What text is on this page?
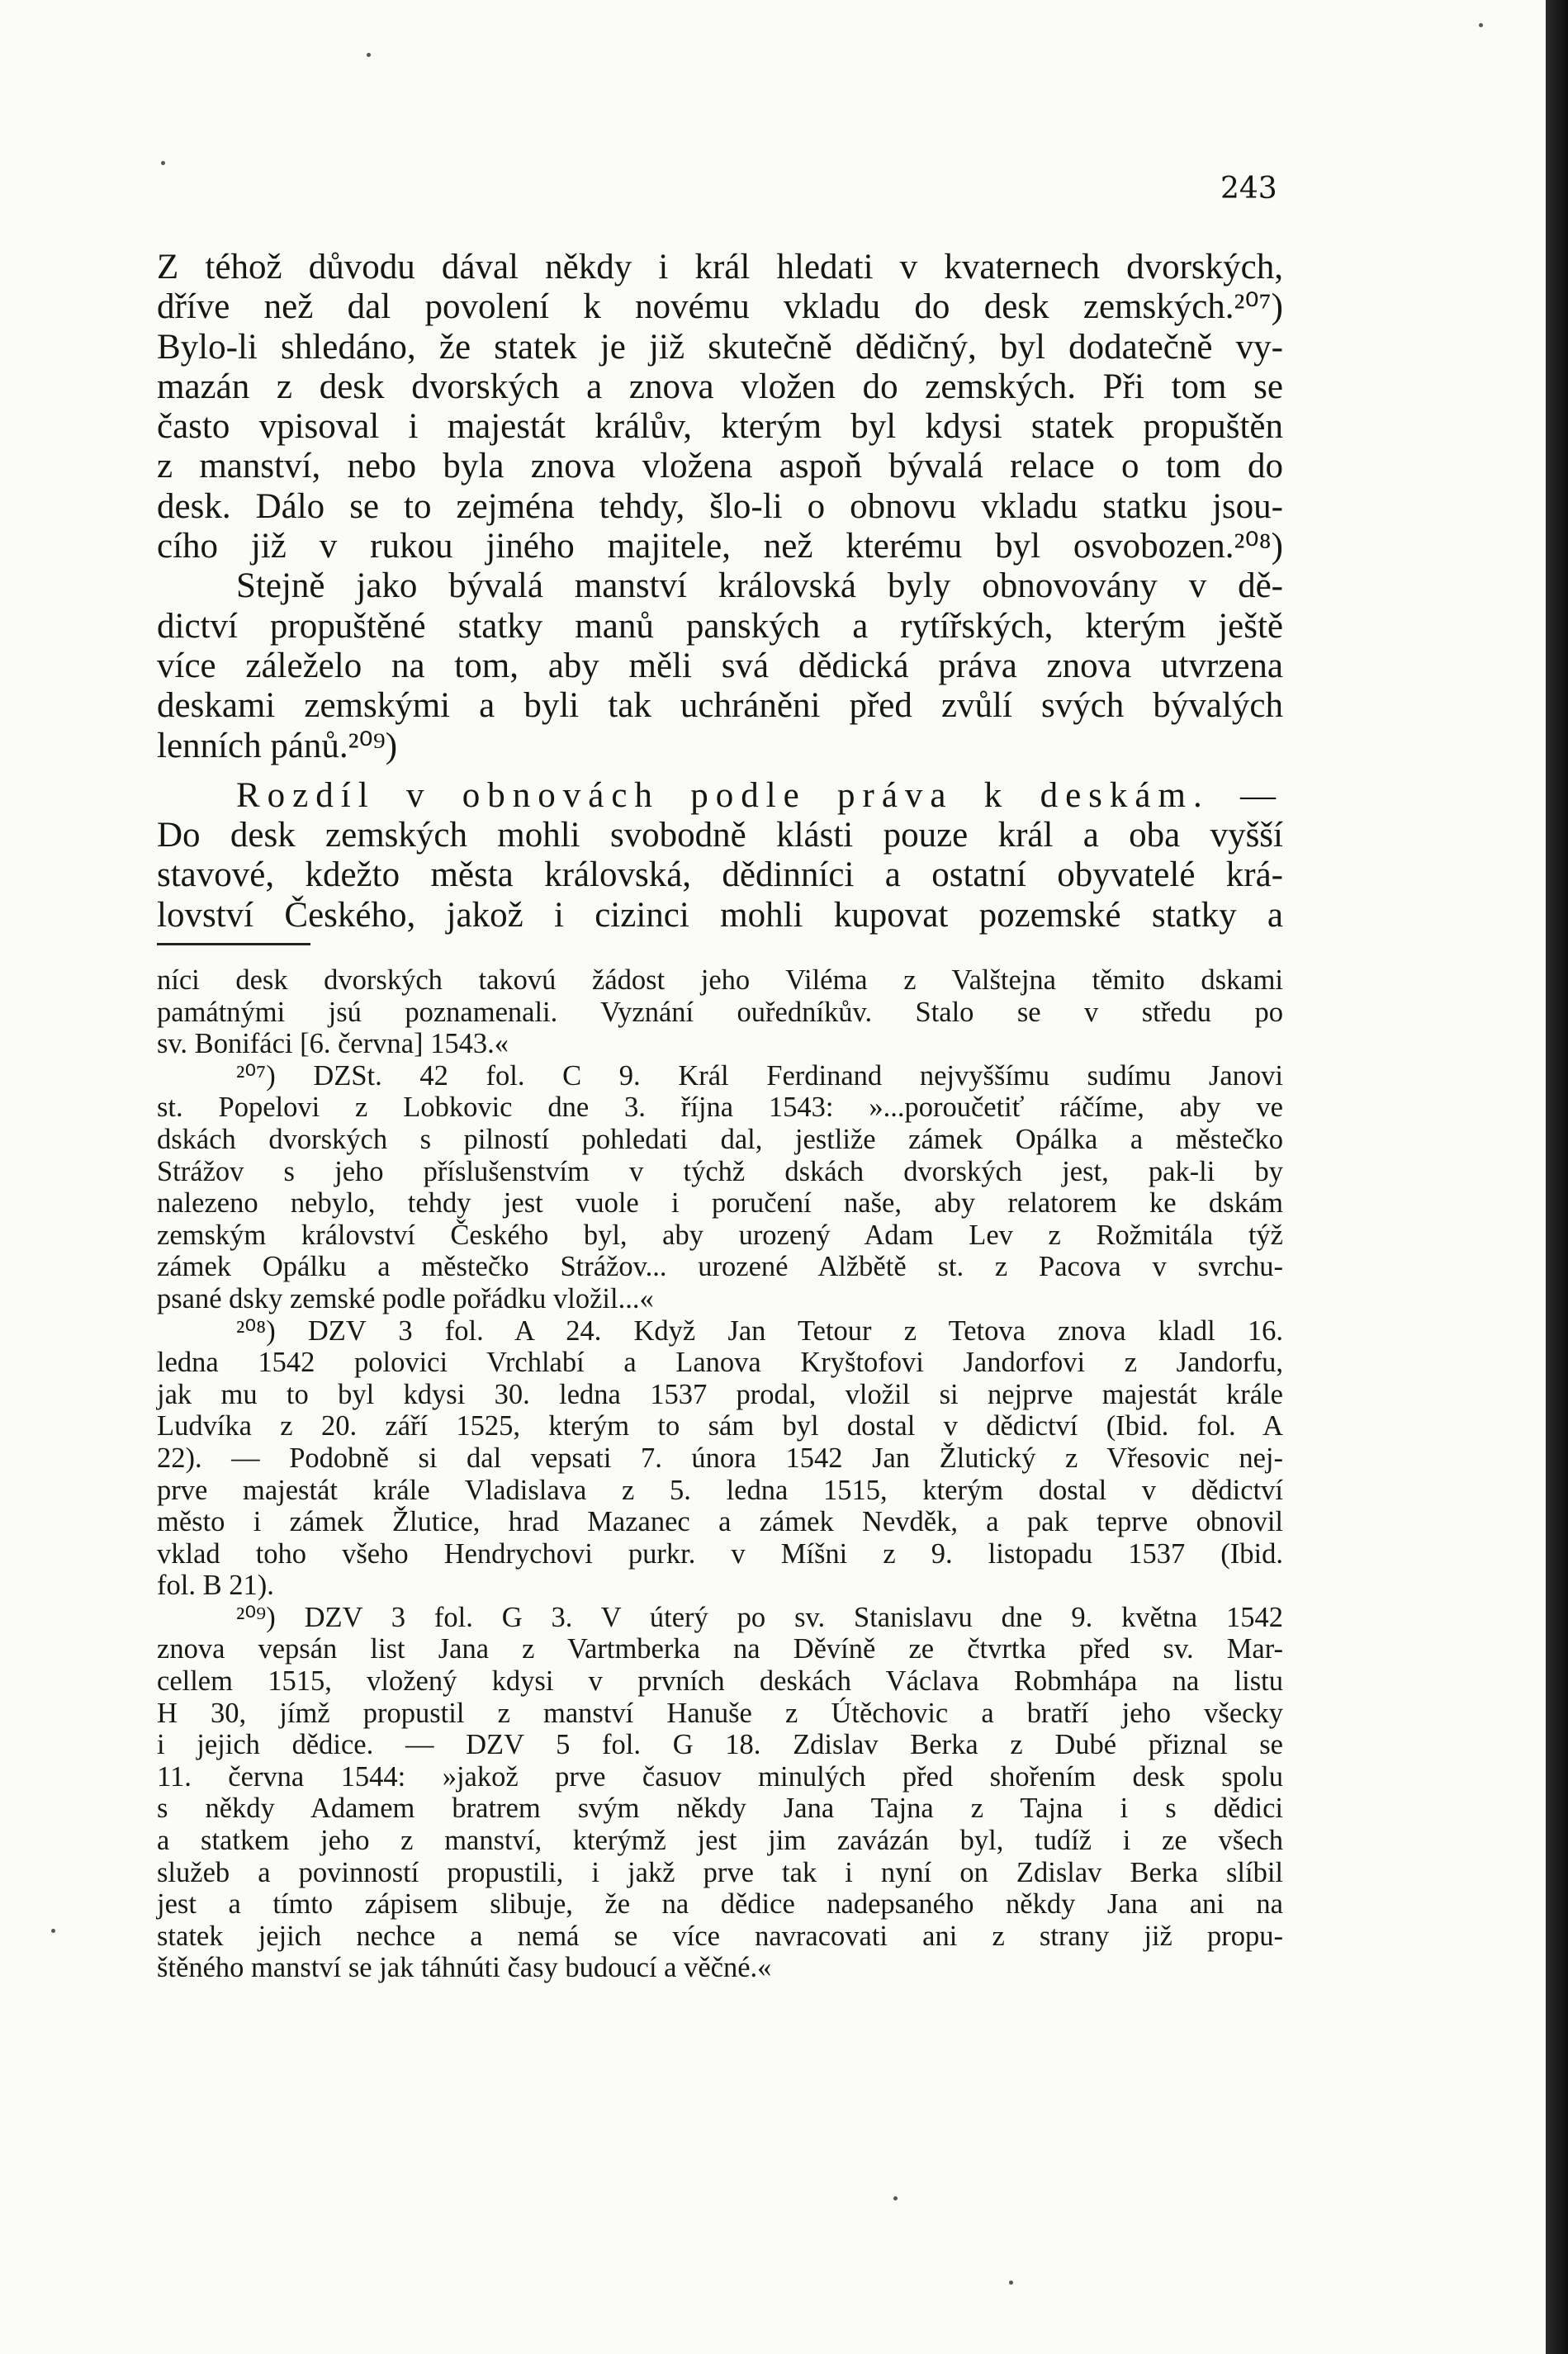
243

Z téhož důvodu dával někdy i král hledati v kvaternech dvorských,

dříve než dal povolení k novému vkladu do desk zemských.²⁰⁷)

Bylo-li shledáno, že statek je již skutečně dědičný, byl dodatečně vy-

mazán z desk dvorských a znova vložen do zemských. Při tom se

často vpisoval i majestát králův, kterým byl kdysi statek propuštěn

z manství, nebo byla znova vložena aspoň bývalá relace o tom do

desk. Dálo se to zejména tehdy, šlo-li o obnovu vkladu statku jsou-

cího již v rukou jiného majitele, než kterému byl osvobozen.²⁰⁸)

Stejně jako bývalá manství královská byly obnovovány v dě-

dictví propuštěné statky manů panských a rytířských, kterým ještě

více záleželo na tom, aby měli svá dědická práva znova utvrzena

deskami zemskými a byli tak uchráněni před zvůlí svých bývalých

lenních pánů.²⁰⁹)

Rozdíl v obnovách podle práva k deskám. —

Do desk zemských mohli svobodně klásti pouze král a oba vyšší

stavové, kdežto města královská, dědinníci a ostatní obyvatelé krá-

lovství Českého, jakož i cizinci mohli kupovat pozemské statky a

níci desk dvorských takovú žádost jeho Viléma z Valštejna těmito dskami

památnými jsú poznamenali. Vyznání ouředníkův. Stalo se v středu po

sv. Bonifáci [6. června] 1543.«

²⁰⁷) DZSt. 42 fol. C 9. Král Ferdinand nejvyššímu sudímu Janovi

st. Popelovi z Lobkovic dne 3. října 1543: »...poroučetiť ráčíme, aby ve

dskách dvorských s pilností pohledati dal, jestliže zámek Opálka a městečko

Strážov s jeho příslušenstvím v týchž dskách dvorských jest, pak-li by

nalezeno nebylo, tehdy jest vuole i poručení naše, aby relatorem ke dskám

zemským království Českého byl, aby urozený Adam Lev z Rožmitála týž

zámek Opálku a městečko Strážov... urozené Alžbětě st. z Pacova v svrchu-

psané dsky zemské podle pořádku vložil...«

²⁰⁸) DZV 3 fol. A 24. Když Jan Tetour z Tetova znova kladl 16.

ledna 1542 polovici Vrchlabí a Lanova Kryštofovi Jandorfovi z Jandorfu,

jak mu to byl kdysi 30. ledna 1537 prodal, vložil si nejprve majestát krále

Ludvíka z 20. září 1525, kterým to sám byl dostal v dědictví (Ibid. fol. A

22). — Podobně si dal vepsati 7. února 1542 Jan Žlutický z Vřesovic nej-

prve majestát krále Vladislava z 5. ledna 1515, kterým dostal v dědictví

město i zámek Žlutice, hrad Mazanec a zámek Nevděk, a pak teprve obnovil

vklad toho všeho Hendrychovi purkr. v Míšni z 9. listopadu 1537 (Ibid.

fol. B 21).

²⁰⁹) DZV 3 fol. G 3. V úterý po sv. Stanislavu dne 9. května 1542

znova vepsán list Jana z Vartmberka na Děvíně ze čtvrtka před sv. Mar-

cellem 1515, vložený kdysi v prvních deskách Václava Robmhápa na listu

H 30, jímž propustil z manství Hanuše z Útěchovic a bratří jeho všecky

i jejich dědice. — DZV 5 fol. G 18. Zdislav Berka z Dubé přiznal se

11. června 1544: »jakož prve časuov minulých před shořením desk spolu

s někdy Adamem bratrem svým někdy Jana Tajna z Tajna i s dědici

a statkem jeho z manství, kterýmž jest jim zavázán byl, tudíž i ze všech

služeb a povinností propustili, i jakž prve tak i nyní on Zdislav Berka slíbil

jest a tímto zápisem slibuje, že na dědice nadepsaného někdy Jana ani na

statek jejich nechce a nemá se více navracovati ani z strany již propu-

štěného manství se jak táhnúti časy budoucí a věčné.«
